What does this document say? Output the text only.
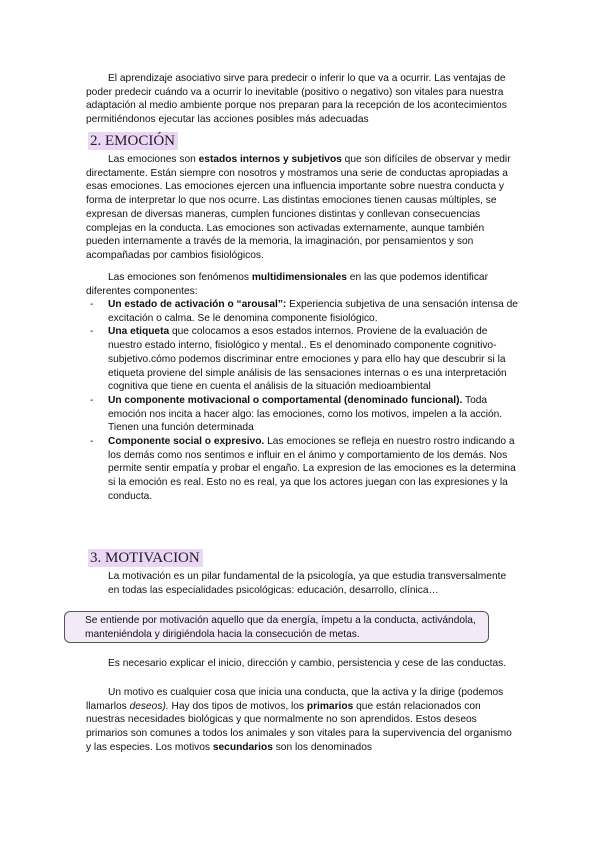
El aprendizaje asociativo sirve para predecir o inferir lo que va a ocurrir. Las ventajas de poder predecir cuándo va a ocurrir lo inevitable (positivo o negativo) son vitales para nuestra adaptación al medio ambiente porque nos preparan para la recepción de los acontecimientos permitiéndonos ejecutar las acciones posibles más adecuadas

2. EMOCIÓN

Las emociones son estados internos y subjetivos que son difíciles de observar y medir directamente. Están siempre con nosotros y mostramos una serie de conductas apropiadas a esas emociones. Las emociones ejercen una influencia importante sobre nuestra conducta y forma de interpretar lo que nos ocurre. Las distintas emociones tienen causas múltiples, se expresan de diversas maneras, cumplen funciones distintas y conllevan consecuencias complejas en la conducta. Las emociones son activadas externamente, aunque también pueden internamente a través de la memoria, la imaginación, por pensamientos y son acompañadas por cambios fisiológicos.

Las emociones son fenómenos multidimensionales en las que podemos identificar diferentes componentes:

- Un estado de activación o “arousal”: Experiencia subjetiva de una sensación intensa de excitación o calma. Se le denomina componente fisiológico.
- Una etiqueta que colocamos a esos estados internos. Proviene de la evaluación de nuestro estado interno, fisiológico y mental.. Es el denominado componente cognitivo-subjetivo.cómo podemos discriminar entre emociones y para ello hay que descubrir si la etiqueta proviene del simple análisis de las sensaciones internas o es una interpretación cognitiva que tiene en cuenta el análisis de la situación medioambiental
- Un componente motivacional o comportamental (denominado funcional). Toda emoción nos incita a hacer algo: las emociones, como los motivos, impelen a la acción. Tienen una función determinada
- Componente social o expresivo. Las emociones se refleja en nuestro rostro indicando a los demás como nos sentimos e influir en el ánimo y comportamiento de los demás. Nos permite sentir empatía y probar el engaño. La expresion de las emociones es la determina si la emoción es real. Esto no es real, ya que los actores juegan con las expresiones y la conducta.
3. MOTIVACION

La motivación es un pilar fundamental de la psicología, ya que estudia transversalmente en todas las especialidades psicológicas: educación, desarrollo, clínica…

Se entiende por motivación aquello que da energía, ímpetu a la conducta, activándola, manteniéndola y dirigiéndola hacia la consecución de metas.

Es necesario explicar el inicio, dirección y cambio, persistencia y cese de las conductas.

Un motivo es cualquier cosa que inicia una conducta, que la activa y la dirige (podemos llamarlos deseos). Hay dos tipos de motivos, los primarios que están relacionados con nuestras necesidades biológicas y que normalmente no son aprendidos. Estos deseos primarios son comunes a todos los animales y son vitales para la supervivencia del organismo y las especies. Los motivos secundarios son los denominados
